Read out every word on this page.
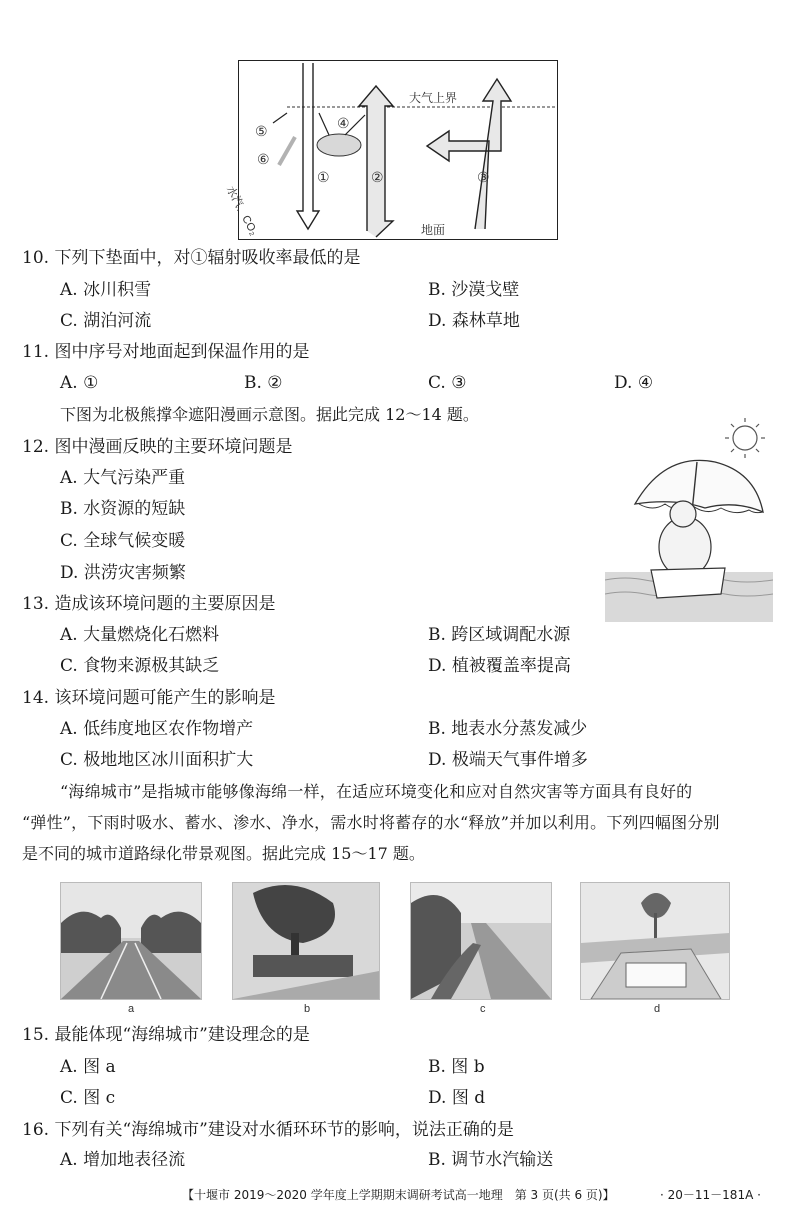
大气上界
地面
水汽、CO₂
①	②	③
④
⑤
⑥
10. 下列下垫面中，对①辐射吸收率最低的是
A. 冰川积雪	B. 沙漠戈壁
C. 湖泊河流	D. 森林草地
11. 图中序号对地面起到保温作用的是
A. ①	B. ②	C. ③	D. ④
下图为北极熊撑伞遮阳漫画示意图。据此完成 12～14 题。
12. 图中漫画反映的主要环境问题是
A. 大气污染严重
B. 水资源的短缺
C. 全球气候变暖
D. 洪涝灾害频繁
13. 造成该环境问题的主要原因是
A. 大量燃烧化石燃料	B. 跨区域调配水源
C. 食物来源极其缺乏	D. 植被覆盖率提高
14. 该环境问题可能产生的影响是
A. 低纬度地区农作物增产	B. 地表水分蒸发减少
C. 极地地区冰川面积扩大	D. 极端天气事件增多
“海绵城市”是指城市能够像海绵一样，在适应环境变化和应对自然灾害等方面具有良好的
“弹性”，下雨时吸水、蓄水、渗水、净水，需水时将蓄存的水“释放”并加以利用。下列四幅图分别
是不同的城市道路绿化带景观图。据此完成 15～17 题。
a	b	c	d
15. 最能体现“海绵城市”建设理念的是
A. 图 a	B. 图 b
C. 图 c	D. 图 d
16. 下列有关“海绵城市”建设对水循环环节的影响，说法正确的是
A. 增加地表径流	B. 调节水汽输送
【十堰市 2019～2020 学年度上学期期末调研考试高一地理　第 3 页(共 6 页)】	· 20－11－181A ·
